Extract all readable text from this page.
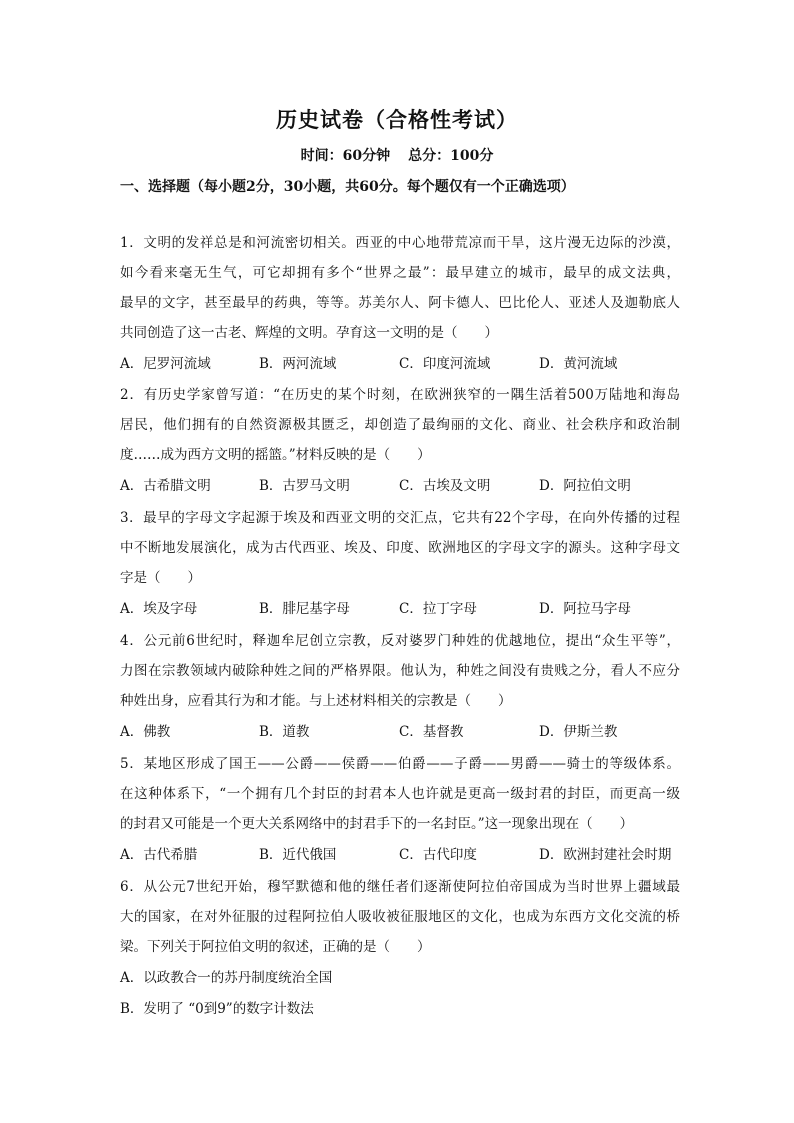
历史试卷（合格性考试）
时间：60分钟 总分：100分
一、选择题（每小题2分，30小题，共60分。每个题仅有一个正确选项）
1．文明的发祥总是和河流密切相关。西亚的中心地带荒凉而干旱，这片漫无边际的沙漠，
如今看来毫无生气，可它却拥有多个“世界之最”：最早建立的城市，最早的成文法典，
最早的文字，甚至最早的药典，等等。苏美尔人、阿卡德人、巴比伦人、亚述人及迦勒底人
共同创造了这一古老、辉煌的文明。孕育这一文明的是（　　）
A．尼罗河流域	B．两河流域	C．印度河流域	D．黄河流域
2．有历史学家曾写道：“在历史的某个时刻，在欧洲狭窄的一隅生活着500万陆地和海岛
居民，他们拥有的自然资源极其匮乏，却创造了最绚丽的文化、商业、社会秩序和政治制
度……成为西方文明的摇篮。”材料反映的是（　　）
A．古希腊文明	B．古罗马文明	C．古埃及文明	D．阿拉伯文明
3．最早的字母文字起源于埃及和西亚文明的交汇点，它共有22个字母，在向外传播的过程
中不断地发展演化，成为古代西亚、埃及、印度、欧洲地区的字母文字的源头。这种字母文
字是（　　）
A．埃及字母	B．腓尼基字母	C．拉丁字母	D．阿拉马字母
4．公元前6世纪时，释迦牟尼创立宗教，反对婆罗门种姓的优越地位，提出“众生平等”，
力图在宗教领域内破除种姓之间的严格界限。他认为，种姓之间没有贵贱之分，看人不应分
种姓出身，应看其行为和才能。与上述材料相关的宗教是（　　）
A．佛教	B．道教	C．基督教	D．伊斯兰教
5．某地区形成了国王——公爵——侯爵——伯爵——子爵——男爵——骑士的等级体系。
在这种体系下，“一个拥有几个封臣的封君本人也许就是更高一级封君的封臣，而更高一级
的封君又可能是一个更大关系网络中的封君手下的一名封臣。”这一现象出现在（　　）
A．古代希腊	B．近代俄国	C．古代印度	D．欧洲封建社会时期
6．从公元7世纪开始，穆罕默德和他的继任者们逐渐使阿拉伯帝国成为当时世界上疆域最
大的国家，在对外征服的过程阿拉伯人吸收被征服地区的文化，也成为东西方文化交流的桥
梁。下列关于阿拉伯文明的叙述，正确的是（　　）
A．以政教合一的苏丹制度统治全国
B．发明了 “0到9”的数字计数法
